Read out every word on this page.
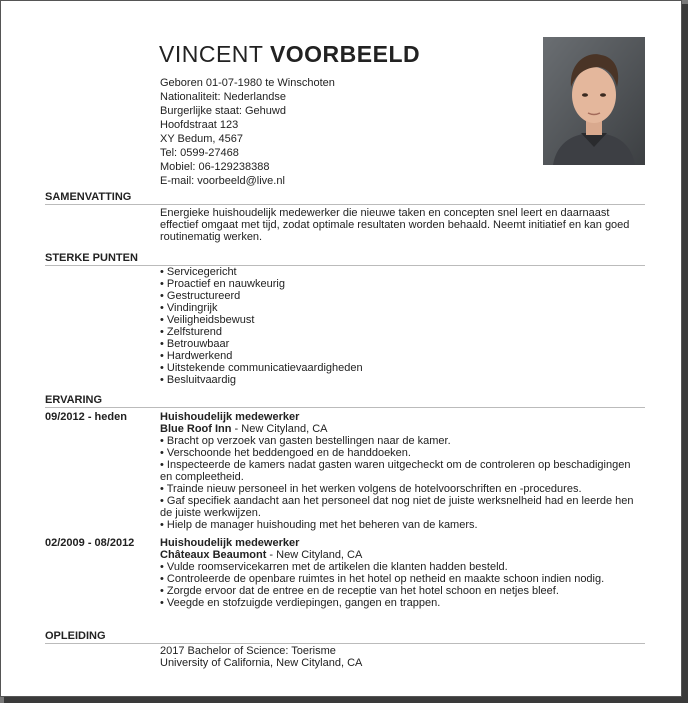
VINCENT VOORBEELD
Geboren 01-07-1980 te Winschoten
Nationaliteit: Nederlandse
Burgerlijke staat: Gehuwd
Hoofdstraat 123
XY Bedum, 4567
Tel: 0599-27468
Mobiel: 06-129238388
E-mail: voorbeeld@live.nl
SAMENVATTING
Energieke huishoudelijk medewerker die nieuwe taken en concepten snel leert en daarnaast effectief omgaat met tijd, zodat optimale resultaten worden behaald. Neemt initiatief en kan goed routinematig werken.
STERKE PUNTEN
• Servicegericht
• Proactief en nauwkeurig
• Gestructureerd
• Vindingrijk
• Veiligheidsbewust
• Zelfsturend
• Betrouwbaar
• Hardwerkend
• Uitstekende communicatievaardigheden
• Besluitvaardig
ERVARING
09/2012 - heden	Huishoudelijk medewerker
Blue Roof Inn - New Cityland, CA
• Bracht op verzoek van gasten bestellingen naar de kamer.
• Verschoonde het beddengoed en de handdoeken.
• Inspecteerde de kamers nadat gasten waren uitgecheckt om de controleren op beschadigingen en compleetheid.
• Trainde nieuw personeel in het werken volgens de hotelvoorschriften en -procedures.
• Gaf specifiek aandacht aan het personeel dat nog niet de juiste werksnelheid had en leerde hen de juiste werkwijzen.
• Hielp de manager huishouding met het beheren van de kamers.
02/2009 - 08/2012 Huishoudelijk medewerker
Châteaux Beaumont - New Cityland, CA
• Vulde roomservicekarren met de artikelen die klanten hadden besteld.
• Controleerde de openbare ruimtes in het hotel op netheid en maakte schoon indien nodig.
• Zorgde ervoor dat de entree en de receptie van het hotel schoon en netjes bleef.
• Veegde en stofzuigde verdiepingen, gangen en trappen.
OPLEIDING
2017 Bachelor of Science: Toerisme
University of California, New Cityland, CA
